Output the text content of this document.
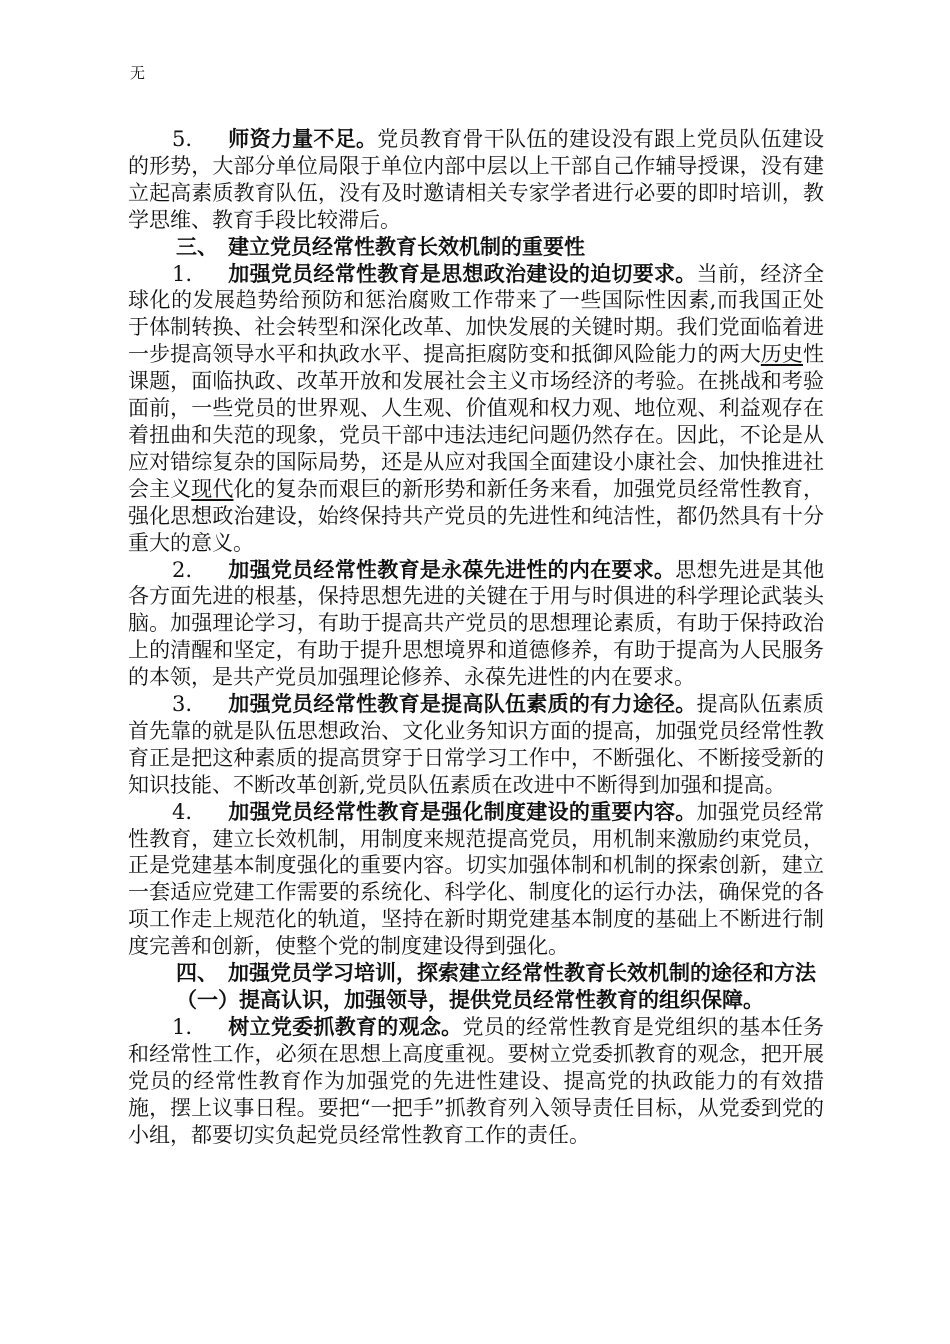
无

5. 师资力量不足。党员教育骨干队伍的建设没有跟上党员队伍建设的形势，大部分单位局限于单位内部中层以上干部自己作辅导授课，没有建立起高素质教育队伍，没有及时邀请相关专家学者进行必要的即时培训，教学思维、教育手段比较滞后。

三、 建立党员经常性教育长效机制的重要性

1. 加强党员经常性教育是思想政治建设的迫切要求。当前，经济全球化的发展趋势给预防和惩治腐败工作带来了一些国际性因素,而我国正处于体制转换、社会转型和深化改革、加快发展的关键时期。我们党面临着进一步提高领导水平和执政水平、提高拒腐防变和抵御风险能力的两大历史性课题，面临执政、改革开放和发展社会主义市场经济的考验。在挑战和考验面前，一些党员的世界观、人生观、价值观和权力观、地位观、利益观存在着扭曲和失范的现象，党员干部中违法违纪问题仍然存在。因此，不论是从应对错综复杂的国际局势，还是从应对我国全面建设小康社会、加快推进社会主义现代化的复杂而艰巨的新形势和新任务来看，加强党员经常性教育，强化思想政治建设，始终保持共产党员的先进性和纯洁性，都仍然具有十分重大的意义。

2. 加强党员经常性教育是永葆先进性的内在要求。思想先进是其他各方面先进的根基，保持思想先进的关键在于用与时俱进的科学理论武装头脑。加强理论学习，有助于提高共产党员的思想理论素质，有助于保持政治上的清醒和坚定，有助于提升思想境界和道德修养，有助于提高为人民服务的本领，是共产党员加强理论修养、永葆先进性的内在要求。

3. 加强党员经常性教育是提高队伍素质的有力途径。提高队伍素质首先靠的就是队伍思想政治、文化业务知识方面的提高，加强党员经常性教育正是把这种素质的提高贯穿于日常学习工作中，不断强化、不断接受新的知识技能、不断改革创新,党员队伍素质在改进中不断得到加强和提高。

4. 加强党员经常性教育是强化制度建设的重要内容。加强党员经常性教育，建立长效机制，用制度来规范提高党员，用机制来激励约束党员，正是党建基本制度强化的重要内容。切实加强体制和机制的探索创新，建立一套适应党建工作需要的系统化、科学化、制度化的运行办法，确保党的各项工作走上规范化的轨道，坚持在新时期党建基本制度的基础上不断进行制度完善和创新，使整个党的制度建设得到强化。

四、 加强党员学习培训，探索建立经常性教育长效机制的途径和方法

（一）提高认识，加强领导，提供党员经常性教育的组织保障。

1. 树立党委抓教育的观念。党员的经常性教育是党组织的基本任务和经常性工作，必须在思想上高度重视。要树立党委抓教育的观念，把开展党员的经常性教育作为加强党的先进性建设、提高党的执政能力的有效措施，摆上议事日程。要把“一把手”抓教育列入领导责任目标，从党委到党的小组，都要切实负起党员经常性教育工作的责任。
